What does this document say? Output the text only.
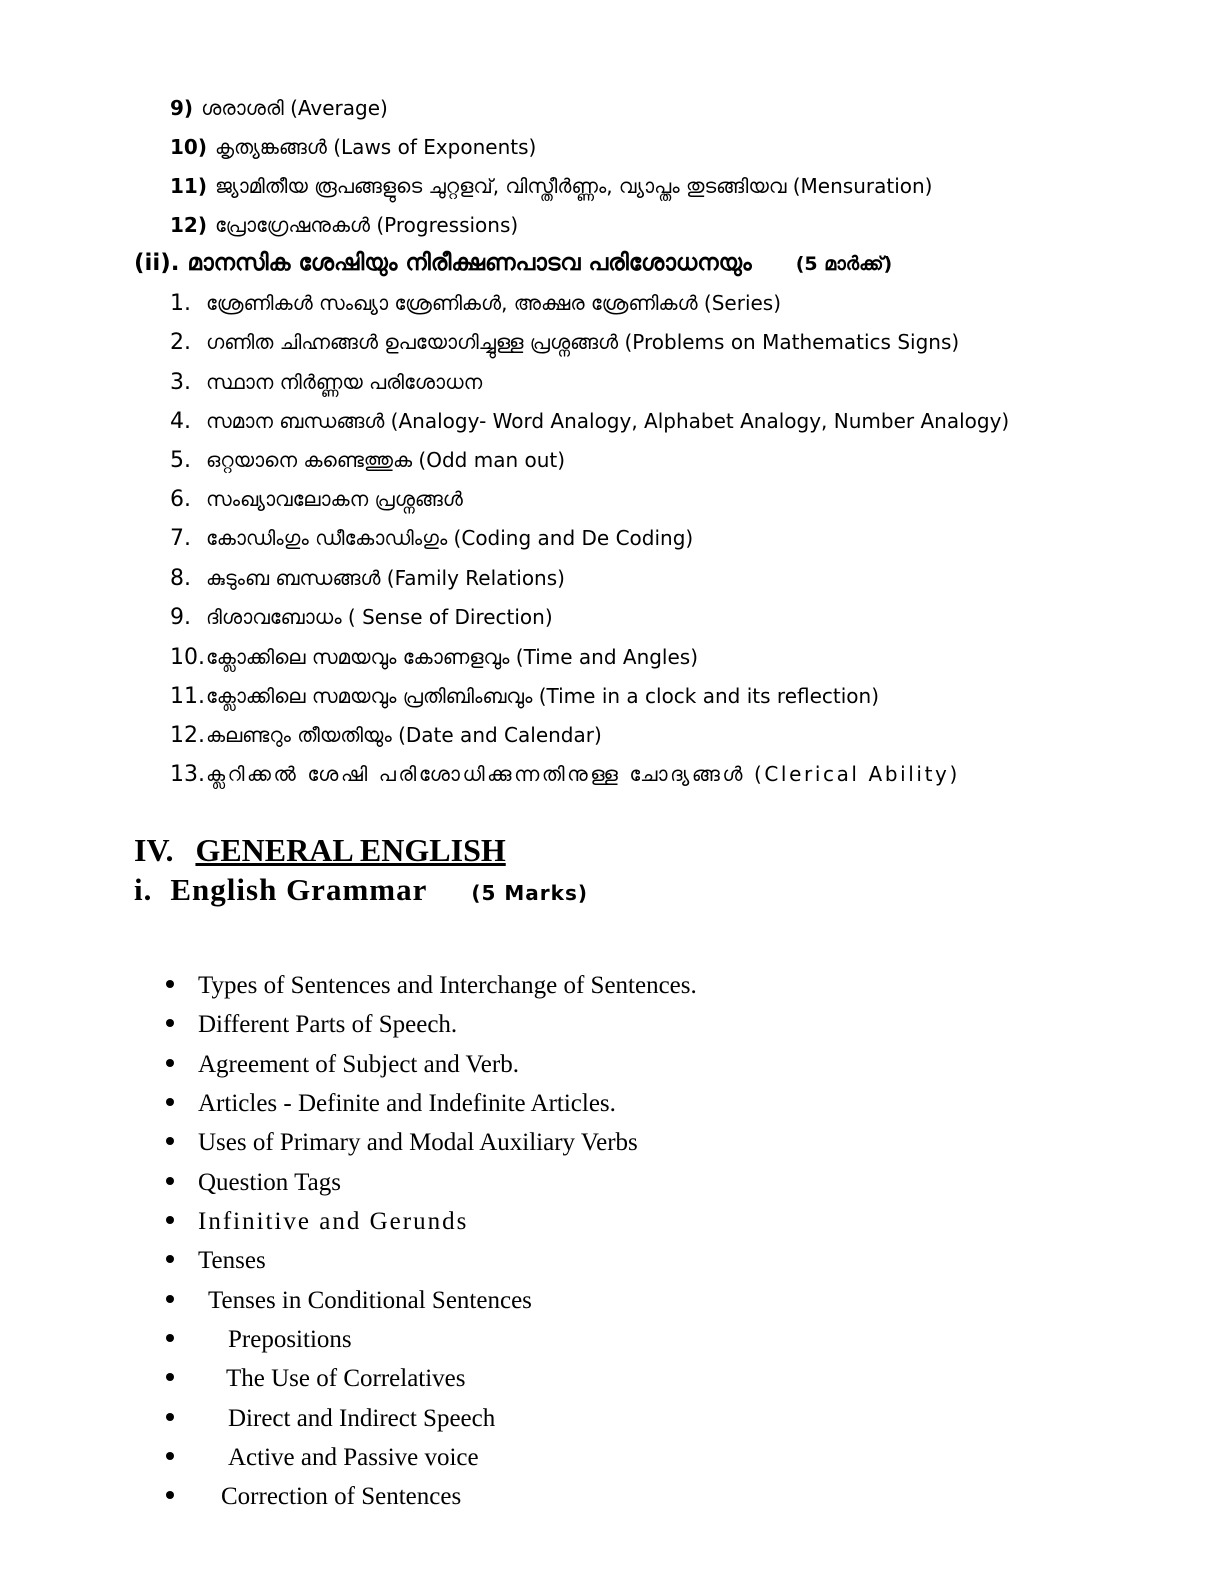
9) ശരാശരി (Average)
10) കൃത്യങ്കങ്ങൾ (Laws of Exponents)
11) ജ്യാമിതീയ രൂപങ്ങളുടെ ചുറ്റളവ്, വിസ്തീർണ്ണം, വ്യാപ്തം തുടങ്ങിയവ (Mensuration)
12) പ്രോഗ്രേഷനുകൾ (Progressions)
(ii). മാനസിക ശേഷിയും നിരീക്ഷണപാടവ പരിശോധനയും (5 മാർക്ക്)
1. ശ്രേണികൾ സംഖ്യാ ശ്രേണികൾ, അക്ഷര ശ്രേണികൾ (Series)
2. ഗണിത ചിഹ്നങ്ങൾ ഉപയോഗിച്ചുള്ള പ്രശ്നങ്ങൾ (Problems on Mathematics Signs)
3. സ്ഥാന നിർണ്ണയ പരിശോധന
4. സമാന ബന്ധങ്ങൾ (Analogy- Word Analogy, Alphabet Analogy, Number Analogy)
5. ഒറ്റയാനെ കണ്ടെത്തുക (Odd man out)
6. സംഖ്യാവലോകന പ്രശ്നങ്ങൾ
7. കോഡിംഗും ഡീകോഡിംഗും (Coding and De Coding)
8. കുടുംബ ബന്ധങ്ങൾ (Family Relations)
9. ദിശാവബോധം ( Sense of Direction)
10.ക്ലോക്കിലെ സമയവും കോണളവും (Time and Angles)
11.ക്ലോക്കിലെ സമയവും പ്രതിബിംബവും (Time in a clock and its reflection)
12.കലണ്ടറും തീയതിയും (Date and Calendar)
13.ക്ലറിക്കൽ ശേഷി പരിശോധിക്കുന്നതിനുള്ള ചോദ്യങ്ങൾ (Clerical Ability)
IV. GENERAL ENGLISH
i. English Grammar (5 Marks)
Types of Sentences and Interchange of Sentences.
Different Parts of Speech.
Agreement of Subject and Verb.
Articles - Definite and Indefinite Articles.
Uses of Primary and Modal Auxiliary Verbs
Question Tags
Infinitive and Gerunds
Tenses
Tenses in Conditional Sentences
Prepositions
The Use of Correlatives
Direct and Indirect Speech
Active and Passive voice
Correction of Sentences
